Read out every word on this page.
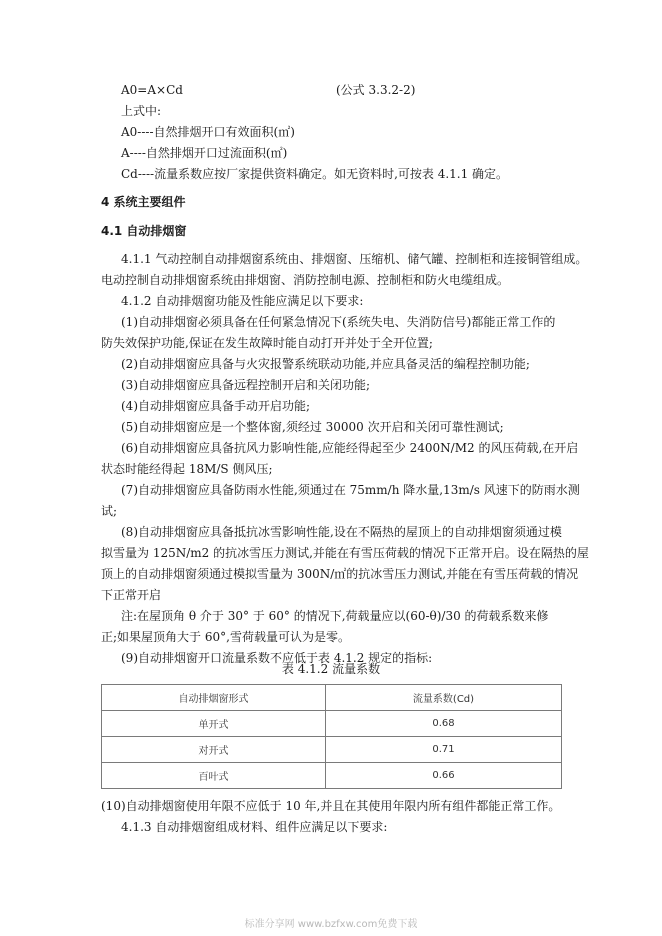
A0=A×Cd	(公式 3.3.2-2)
上式中:
A0----自然排烟开口有效面积(㎡)
A----自然排烟开口过流面积(㎡)
Cd----流量系数应按厂家提供资料确定。如无资料时,可按表 4.1.1 确定。
4 系统主要组件
4.1 自动排烟窗
4.1.1 气动控制自动排烟窗系统由、排烟窗、压缩机、储气罐、控制柜和连接铜管组成。
电动控制自动排烟窗系统由排烟窗、消防控制电源、控制柜和防火电缆组成。
4.1.2 自动排烟窗功能及性能应满足以下要求:
(1)自动排烟窗必须具备在任何紧急情况下(系统失电、失消防信号)都能正常工作的
防失效保护功能,保证在发生故障时能自动打开并处于全开位置;
(2)自动排烟窗应具备与火灾报警系统联动功能,并应具备灵活的编程控制功能;
(3)自动排烟窗应具备远程控制开启和关闭功能;
(4)自动排烟窗应具备手动开启功能;
(5)自动排烟窗应是一个整体窗,须经过 30000 次开启和关闭可靠性测试;
(6)自动排烟窗应具备抗风力影响性能,应能经得起至少 2400N/M2 的风压荷载,在开启
状态时能经得起 18M/S 侧风压;
(7)自动排烟窗应具备防雨水性能,须通过在 75mm/h 降水量,13m/s 风速下的防雨水测
试;
(8)自动排烟窗应具备抵抗冰雪影响性能,设在不隔热的屋顶上的自动排烟窗须通过模
拟雪量为 125N/m2 的抗冰雪压力测试,并能在有雪压荷载的情况下正常开启。设在隔热的屋
顶上的自动排烟窗须通过模拟雪量为 300N/㎡的抗冰雪压力测试,并能在有雪压荷载的情况
下正常开启
注:在屋顶角 θ 介于 30° 于 60° 的情况下,荷载量应以(60-θ)/30 的荷载系数来修
正;如果屋顶角大于 60°,雪荷载量可认为是零。
(9)自动排烟窗开口流量系数不应低于表 4.1.2 规定的指标:
表 4.1.2 流量系数
自动排烟窗形式	流量系数(Cd)
单开式	0.68
对开式	0.71
百叶式	0.66
(10)自动排烟窗使用年限不应低于 10 年,并且在其使用年限内所有组件都能正常工作。
4.1.3 自动排烟窗组成材料、组件应满足以下要求:
标准分享网 www.bzfxw.com免费下载
